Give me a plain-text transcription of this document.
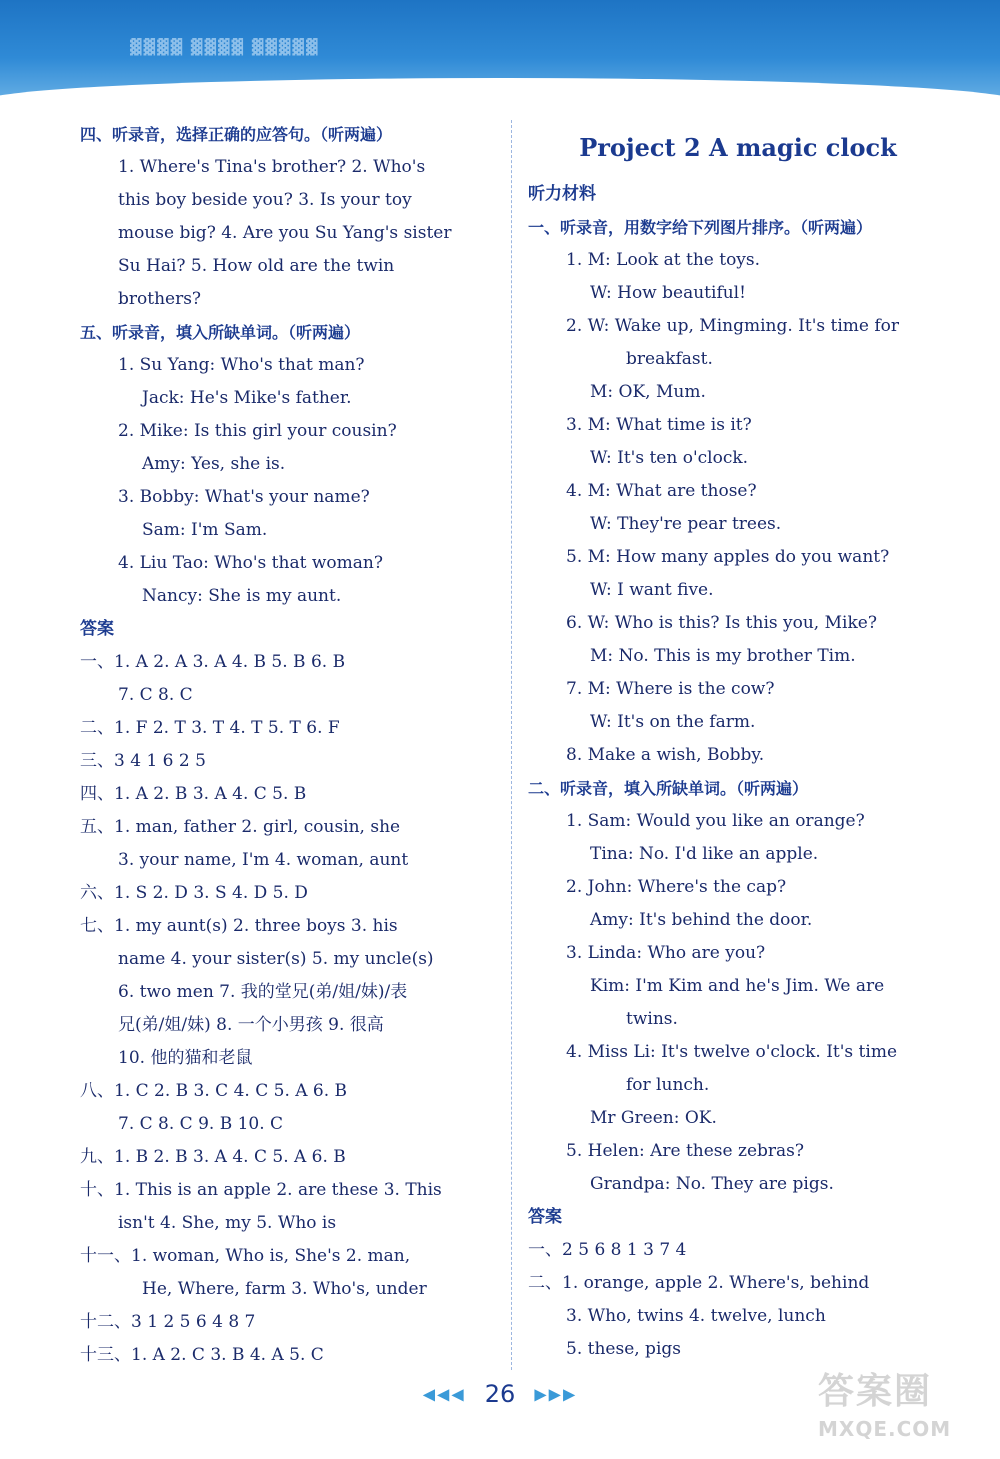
▓▓▓▓ ▓▓▓▓ ▓▓▓▓▓
四、听录音，选择正确的应答句。（听两遍）
1. Where's Tina's brother? 2. Who's
this boy beside you? 3. Is your toy
mouse big? 4. Are you Su Yang's sister
Su Hai? 5. How old are the twin
brothers?
五、听录音，填入所缺单词。（听两遍）
1. Su Yang: Who's that man?
Jack: He's Mike's father.
2. Mike: Is this girl your cousin?
Amy: Yes, she is.
3. Bobby: What's your name?
Sam: I'm Sam.
4. Liu Tao: Who's that woman?
Nancy: She is my aunt.
答案
一、1. A 2. A 3. A 4. B 5. B 6. B
7. C 8. C
二、1. F 2. T 3. T 4. T 5. T 6. F
三、3 4 1 6 2 5
四、1. A 2. B 3. A 4. C 5. B
五、1. man, father 2. girl, cousin, she
3. your name, I'm 4. woman, aunt
六、1. S 2. D 3. S 4. D 5. D
七、1. my aunt(s) 2. three boys 3. his
name 4. your sister(s) 5. my uncle(s)
6. two men 7. 我的堂兄(弟/姐/妹)/表
兄(弟/姐/妹) 8. 一个小男孩 9. 很高
10. 他的猫和老鼠
八、1. C 2. B 3. C 4. C 5. A 6. B
7. C 8. C 9. B 10. C
九、1. B 2. B 3. A 4. C 5. A 6. B
十、1. This is an apple 2. are these 3. This
isn't 4. She, my 5. Who is
十一、1. woman, Who is, She's 2. man,
He, Where, farm 3. Who's, under
十二、3 1 2 5 6 4 8 7
十三、1. A 2. C 3. B 4. A 5. C
Project 2 A magic clock
听力材料
一、听录音，用数字给下列图片排序。（听两遍）
1. M: Look at the toys.
W: How beautiful!
2. W: Wake up, Mingming. It's time for
breakfast.
M: OK, Mum.
3. M: What time is it?
W: It's ten o'clock.
4. M: What are those?
W: They're pear trees.
5. M: How many apples do you want?
W: I want five.
6. W: Who is this? Is this you, Mike?
M: No. This is my brother Tim.
7. M: Where is the cow?
W: It's on the farm.
8. Make a wish, Bobby.
二、听录音，填入所缺单词。（听两遍）
1. Sam: Would you like an orange?
Tina: No. I'd like an apple.
2. John: Where's the cap?
Amy: It's behind the door.
3. Linda: Who are you?
Kim: I'm Kim and he's Jim. We are
twins.
4. Miss Li: It's twelve o'clock. It's time
for lunch.
Mr Green: OK.
5. Helen: Are these zebras?
Grandpa: No. They are pigs.
答案
一、2 5 6 8 1 3 7 4
二、1. orange, apple 2. Where's, behind
3. Who, twins 4. twelve, lunch
5. these, pigs
◀◀◀ 26 ▶▶▶	答案圈
MXQE.COM
